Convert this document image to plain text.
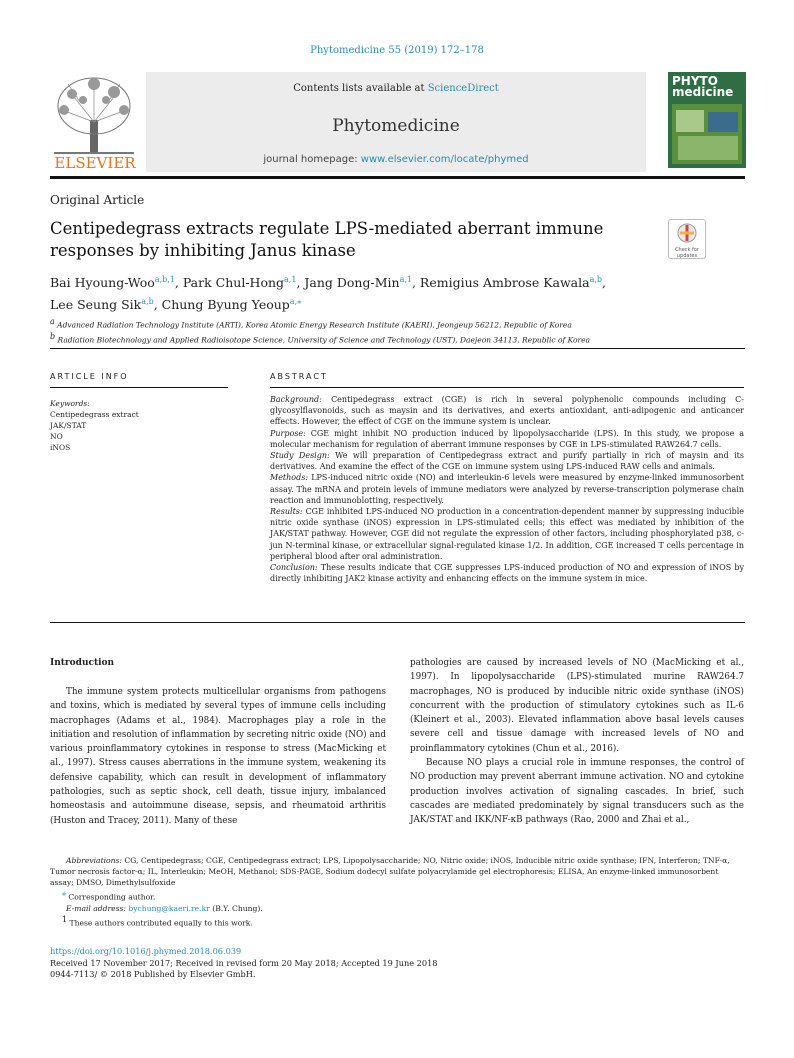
Phytomedicine 55 (2019) 172–178
ELSEVIER
Contents lists available at ScienceDirect
Phytomedicine
journal homepage: www.elsevier.com/locate/phymed
PHYTO
medicine
Original Article
Centipedegrass extracts regulate LPS-mediated aberrant immune responses by inhibiting Janus kinase	Check for updates
Bai Hyoung-Woo$^{a,b,1}$, Park Chul-Hong$^{a,1}$, Jang Dong-Min$^{a,1}$, Remigius Ambrose Kawala$^{a,b}$,
Lee Seung Sik$^{a,b}$, Chung Byung Yeoup$^{a,⁎}$
$^a$ Advanced Radiation Technology Institute (ARTI), Korea Atomic Energy Research Institute (KAERI), Jeongeup 56212, Republic of Korea
$^b$ Radiation Biotechnology and Applied Radioisotope Science, University of Science and Technology (UST), Daejeon 34113, Republic of Korea
ARTICLE INFO
Keywords:
Centipedegrass extract
JAK/STAT
NO
iNOS
ABSTRACT

Background: Centipedegrass extract (CGE) is rich in several polyphenolic compounds including C-glycosylflavonoids, such as maysin and its derivatives, and exerts antioxidant, anti-adipogenic and anticancer effects. However, the effect of CGE on the immune system is unclear.

Purpose: CGE might inhibit NO production induced by lipopolysaccharide (LPS). In this study, we propose a molecular mechanism for regulation of aberrant immune responses by CGE in LPS-stimulated RAW264.7 cells.

Study Design: We will preparation of Centipedegrass extract and purify partially in rich of maysin and its derivatives. And examine the effect of the CGE on immune system using LPS-induced RAW cells and animals.

Methods: LPS-induced nitric oxide (NO) and interleukin-6 levels were measured by enzyme-linked immunosorbent assay. The mRNA and protein levels of immune mediators were analyzed by reverse-transcription polymerase chain reaction and immunoblotting, respectively.

Results: CGE inhibited LPS-induced NO production in a concentration-dependent manner by suppressing inducible nitric oxide synthase (iNOS) expression in LPS-stimulated cells; this effect was mediated by inhibition of the JAK/STAT pathway. However, CGE did not regulate the expression of other factors, including phosphorylated p38, c-jun N-terminal kinase, or extracellular signal-regulated kinase 1/2. In addition, CGE increased T cells percentage in peripheral blood after oral administration.

Conclusion: These results indicate that CGE suppresses LPS-induced production of NO and expression of iNOS by directly inhibiting JAK2 kinase activity and enhancing effects on the immune system in mice.

Introduction

The immune system protects multicellular organisms from pathogens and toxins, which is mediated by several types of immune cells including macrophages (Adams et al., 1984). Macrophages play a role in the initiation and resolution of inflammation by secreting nitric oxide (NO) and various proinflammatory cytokines in response to stress (MacMicking et al., 1997). Stress causes aberrations in the immune system, weakening its defensive capability, which can result in development of inflammatory pathologies, such as septic shock, cell death, tissue injury, imbalanced homeostasis and autoimmune disease, sepsis, and rheumatoid arthritis (Huston and Tracey, 2011). Many of these

pathologies are caused by increased levels of NO (MacMicking et al., 1997). In lipopolysaccharide (LPS)-stimulated murine RAW264.7 macrophages, NO is produced by inducible nitric oxide synthase (iNOS) concurrent with the production of stimulatory cytokines such as IL-6 (Kleinert et al., 2003). Elevated inflammation above basal levels causes severe cell and tissue damage with increased levels of NO and proinflammatory cytokines (Chun et al., 2016).

Because NO plays a crucial role in immune responses, the control of NO production may prevent aberrant immune activation. NO and cytokine production involves activation of signaling cascades. In brief, such cascades are mediated predominately by signal transducers such as the JAK/STAT and IKK/NF-κB pathways (Rao, 2000 and Zhai et al.,

Abbreviations: CG, Centipedegrass; CGE, Centipedegrass extract; LPS, Lipopolysaccharide; NO, Nitric oxide; iNOS, Inducible nitric oxide synthase; IFN, Interferon; TNF-α, Tumor necrosis factor-α; IL, Interleukin; MeOH, Methanol; SDS-PAGE, Sodium dodecyl sulfate polyacrylamide gel electrophoresis; ELISA, An enzyme-linked immunosorbent assay; DMSO, Dimethylsulfoxide

⁎ Corresponding author.

E-mail address: bychung@kaeri.re.kr (B.Y. Chung).

$^1$ These authors contributed equally to this work.

https://doi.org/10.1016/j.phymed.2018.06.039
Received 17 November 2017; Received in revised form 20 May 2018; Accepted 19 June 2018
0944-7113/ © 2018 Published by Elsevier GmbH.
